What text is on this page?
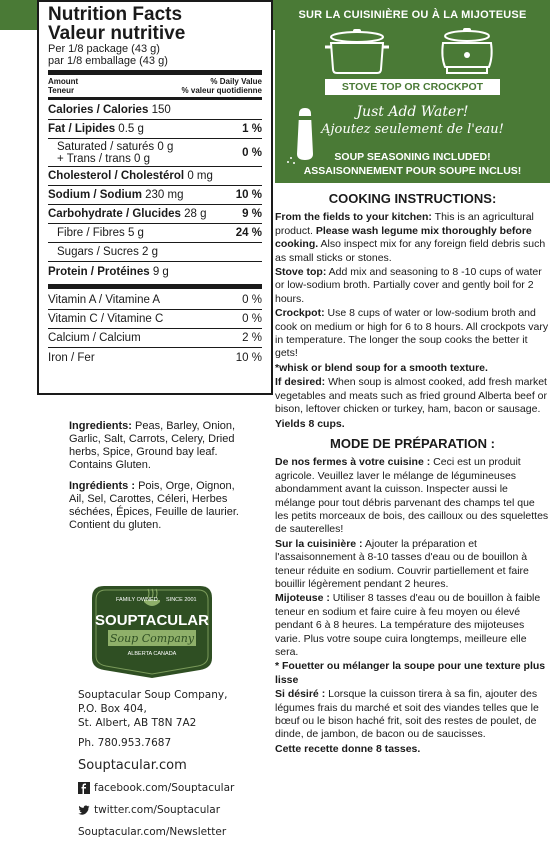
Nutrition Facts
Valeur nutritive
Per 1/8 package (43 g)
par 1/8 emballage (43 g)
Amount	% Daily Value
Teneur	% valeur quotidienne
Calories / Calories 150
Fat / Lipides 0.5 g	1 %
Saturated / saturés 0 g
+ Trans / trans 0 g	0 %
Cholesterol / Cholestérol 0 mg
Sodium / Sodium 230 mg	10 %
Carbohydrate / Glucides 28 g	9 %
Fibre / Fibres 5 g	24 %
Sugars / Sucres 2 g
Protein / Protéines 9 g
Vitamin A / Vitamine A	0 %
Vitamin C / Vitamine C	0 %
Calcium / Calcium	2 %
Iron / Fer	10 %

Ingredients: Peas, Barley, Onion, Garlic, Salt, Carrots, Celery, Dried herbs, Spice, Ground bay leaf. Contains Gluten.

Ingrédients : Pois, Orge, Oignon, Ail, Sel, Carottes, Céleri, Herbes séchées, Épices, Feuille de laurier. Contient du gluten.

FAMILY OWNED SINCE 2001
SOUPTACULAR
Soup Company
ALBERTA CANADA
Souptacular Soup Company,
P.O. Box 404,
St. Albert, AB T8N 7A2
Ph. 780.953.7687
Souptacular.com
facebook.com/Souptacular
twitter.com/Souptacular
Souptacular.com/Newsletter
SUR LA CUISINIÈRE OU À LA MIJOTEUSE
STOVE TOP OR CROCKPOT
Just Add Water!
Ajoutez seulement de l'eau!
SOUP SEASONING INCLUDED!
ASSAISONNEMENT POUR SOUPE INCLUS!
COOKING INSTRUCTIONS:

From the fields to your kitchen: This is an agricultural product. Please wash legume mix thoroughly before cooking. Also inspect mix for any foreign field debris such as small sticks or stones.

Stove top: Add mix and seasoning to 8 -10 cups of water or low-sodium broth. Partially cover and gently boil for 2 hours.

Crockpot: Use 8 cups of water or low-sodium broth and cook on medium or high for 6 to 8 hours. All crockpots vary in temperature. The longer the soup cooks the better it gets!

*whisk or blend soup for a smooth texture.

If desired: When soup is almost cooked, add fresh market vegetables and meats such as fried ground Alberta beef or bison, leftover chicken or turkey, ham, bacon or sausage.

Yields 8 cups.

MODE DE PRÉPARATION :

De nos fermes à votre cuisine : Ceci est un produit agricole. Veuillez laver le mélange de légumineuses abondamment avant la cuisson. Inspecter aussi le mélange pour tout débris parvenant des champs tel que les petits morceaux de bois, des cailloux ou des squelettes de sauterelles!

Sur la cuisinière : Ajouter la préparation et l'assaisonnement à 8-10 tasses d'eau ou de bouillon à teneur réduite en sodium. Couvrir partiellement et faire bouillir légèrement pendant 2 heures.

Mijoteuse : Utiliser 8 tasses d'eau ou de bouillon à faible teneur en sodium et faire cuire à feu moyen ou élevé pendant 6 à 8 heures. La température des mijoteuses varie. Plus votre soupe cuira longtemps, meilleure elle sera.

* Fouetter ou mélanger la soupe pour une texture plus lisse

Si désiré : Lorsque la cuisson tirera à sa fin, ajouter des légumes frais du marché et soit des viandes telles que le bœuf ou le bison haché frit, soit des restes de poulet, de dinde, de jambon, de bacon ou de saucisses.

Cette recette donne 8 tasses.
